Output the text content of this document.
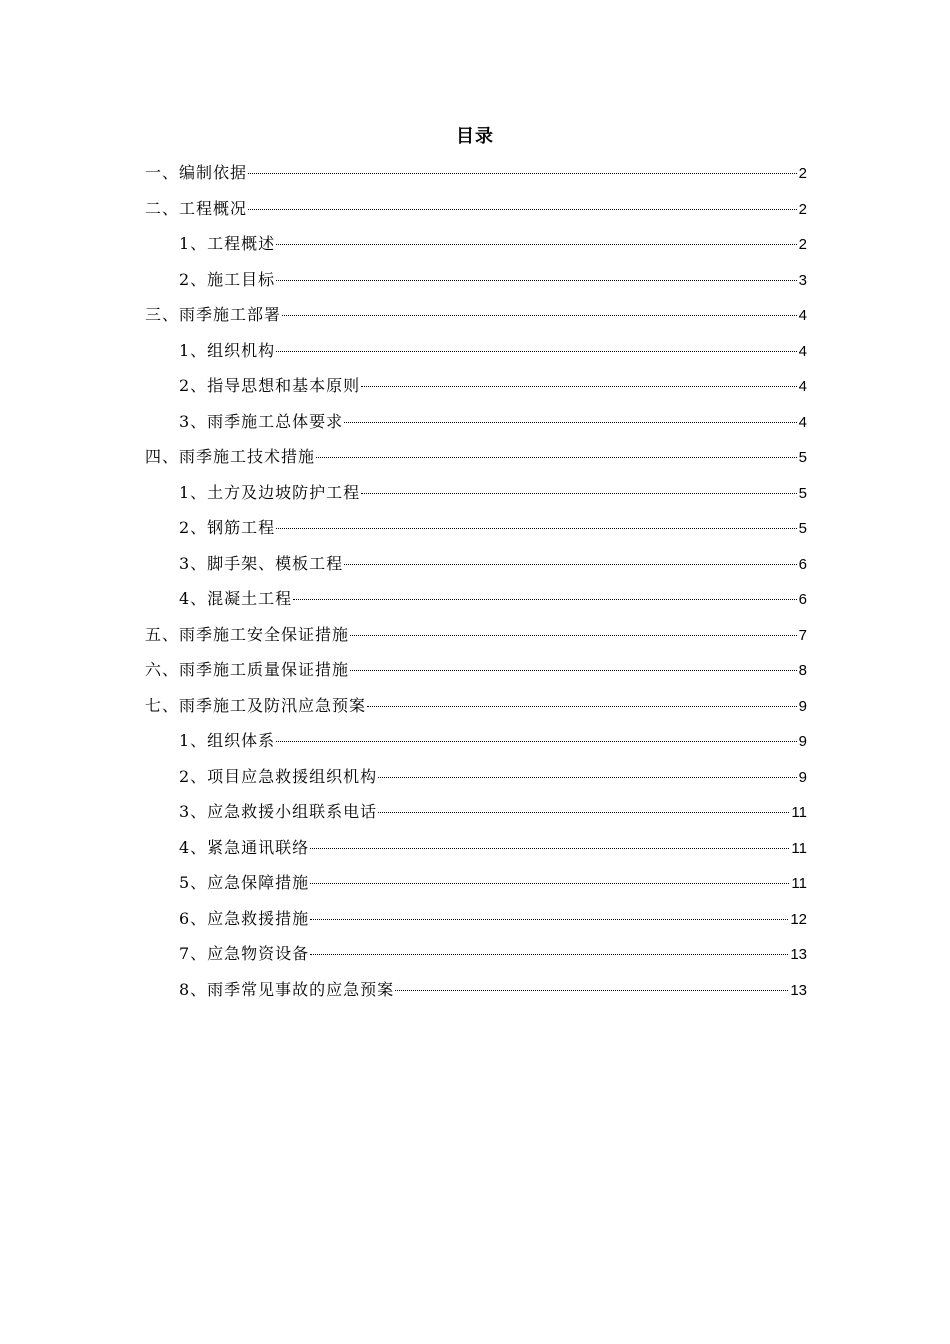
目录
一、编制依据	2
二、工程概况	2
1、工程概述	2
2、施工目标	3
三、雨季施工部署	4
1、组织机构	4
2、指导思想和基本原则	4
3、雨季施工总体要求	4
四、雨季施工技术措施	5
1、土方及边坡防护工程	5
2、钢筋工程	5
3、脚手架、模板工程	6
4、混凝土工程	6
五、雨季施工安全保证措施	7
六、雨季施工质量保证措施	8
七、雨季施工及防汛应急预案	9
1、组织体系	9
2、项目应急救援组织机构	9
3、应急救援小组联系电话	11
4、紧急通讯联络	11
5、应急保障措施	11
6、应急救援措施	12
7、应急物资设备	13
8、雨季常见事故的应急预案	13
